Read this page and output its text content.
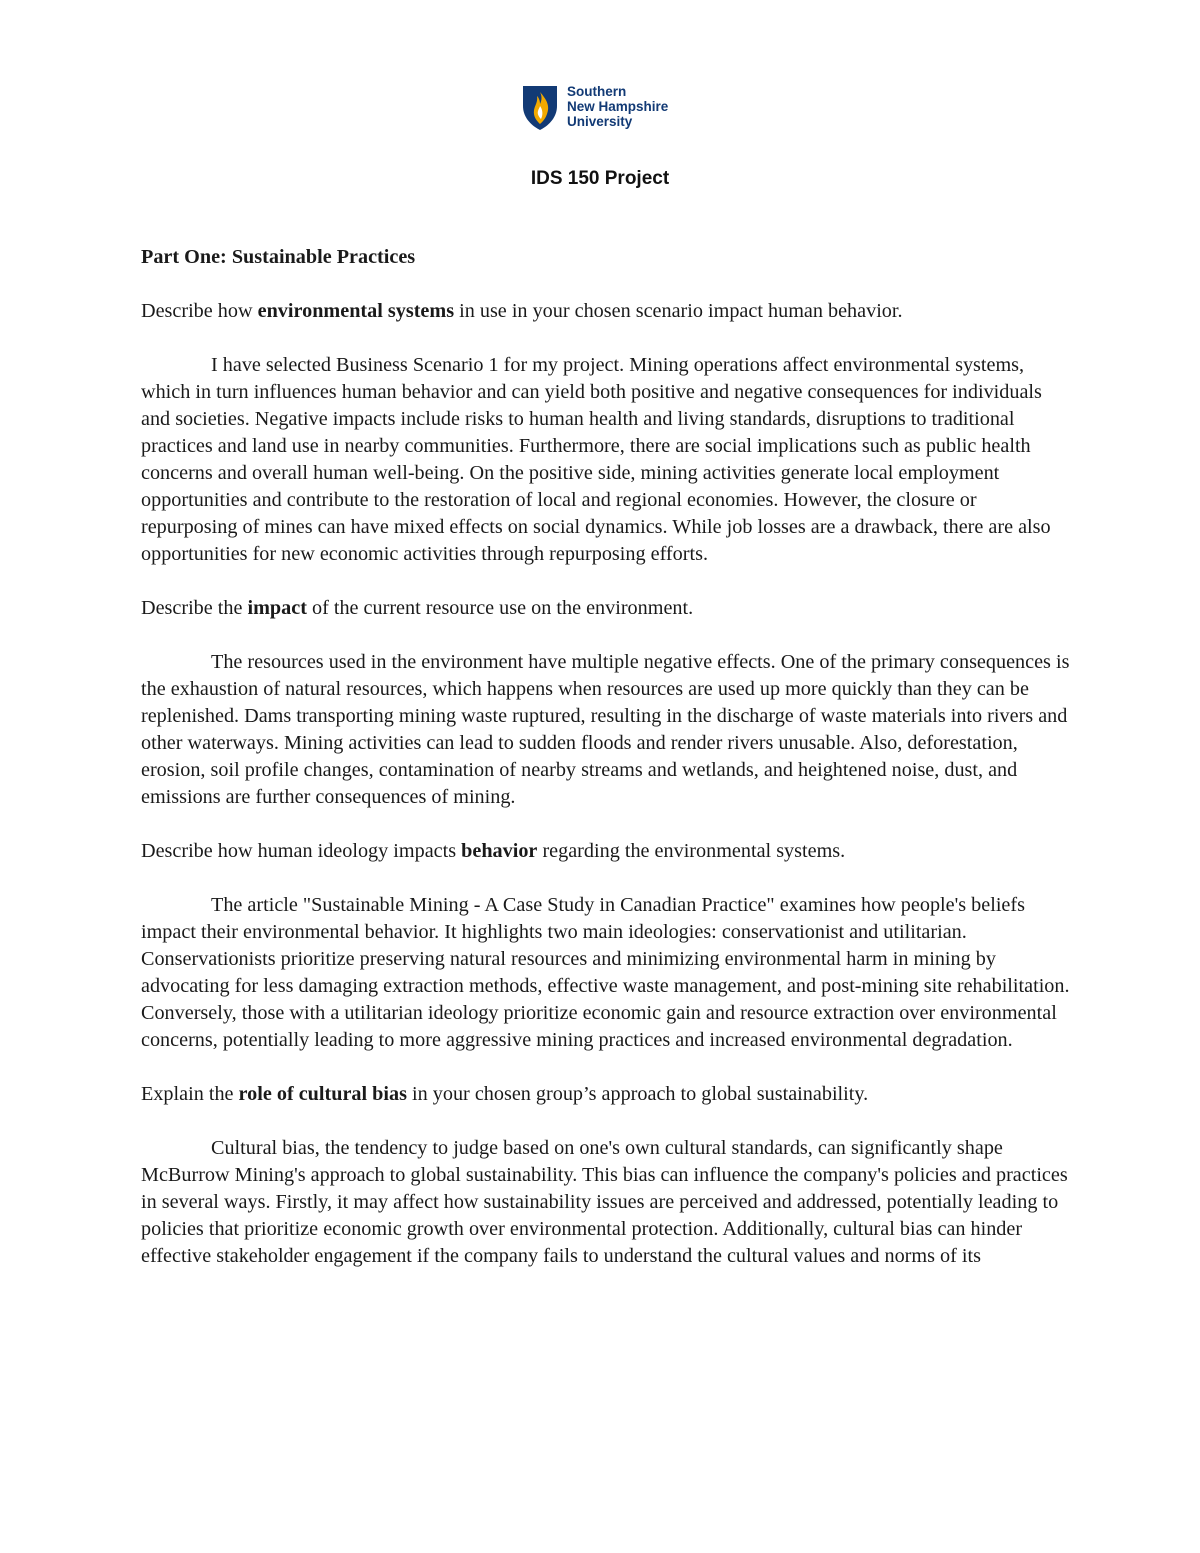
Southern
New Hampshire
University
IDS 150 Project

Part One: Sustainable Practices

Describe how environmental systems in use in your chosen scenario impact human behavior.

I have selected Business Scenario 1 for my project. Mining operations affect environmental systems, which in turn influences human behavior and can yield both positive and negative consequences for individuals and societies. Negative impacts include risks to human health and living standards, disruptions to traditional practices and land use in nearby communities. Furthermore, there are social implications such as public health concerns and overall human well-being. On the positive side, mining activities generate local employment opportunities and contribute to the restoration of local and regional economies. However, the closure or repurposing of mines can have mixed effects on social dynamics. While job losses are a drawback, there are also opportunities for new economic activities through repurposing efforts.

Describe the impact of the current resource use on the environment.

The resources used in the environment have multiple negative effects. One of the primary consequences is the exhaustion of natural resources, which happens when resources are used up more quickly than they can be replenished. Dams transporting mining waste ruptured, resulting in the discharge of waste materials into rivers and other waterways. Mining activities can lead to sudden floods and render rivers unusable. Also, deforestation, erosion, soil profile changes, contamination of nearby streams and wetlands, and heightened noise, dust, and emissions are further consequences of mining.

Describe how human ideology impacts behavior regarding the environmental systems.

The article "Sustainable Mining - A Case Study in Canadian Practice" examines how people's beliefs impact their environmental behavior. It highlights two main ideologies: conservationist and utilitarian. Conservationists prioritize preserving natural resources and minimizing environmental harm in mining by advocating for less damaging extraction methods, effective waste management, and post-mining site rehabilitation. Conversely, those with a utilitarian ideology prioritize economic gain and resource extraction over environmental concerns, potentially leading to more aggressive mining practices and increased environmental degradation.

Explain the role of cultural bias in your chosen group’s approach to global sustainability.

Cultural bias, the tendency to judge based on one's own cultural standards, can significantly shape McBurrow Mining's approach to global sustainability. This bias can influence the company's policies and practices in several ways. Firstly, it may affect how sustainability issues are perceived and addressed, potentially leading to policies that prioritize economic growth over environmental protection. Additionally, cultural bias can hinder effective stakeholder engagement if the company fails to understand the cultural values and norms of its
